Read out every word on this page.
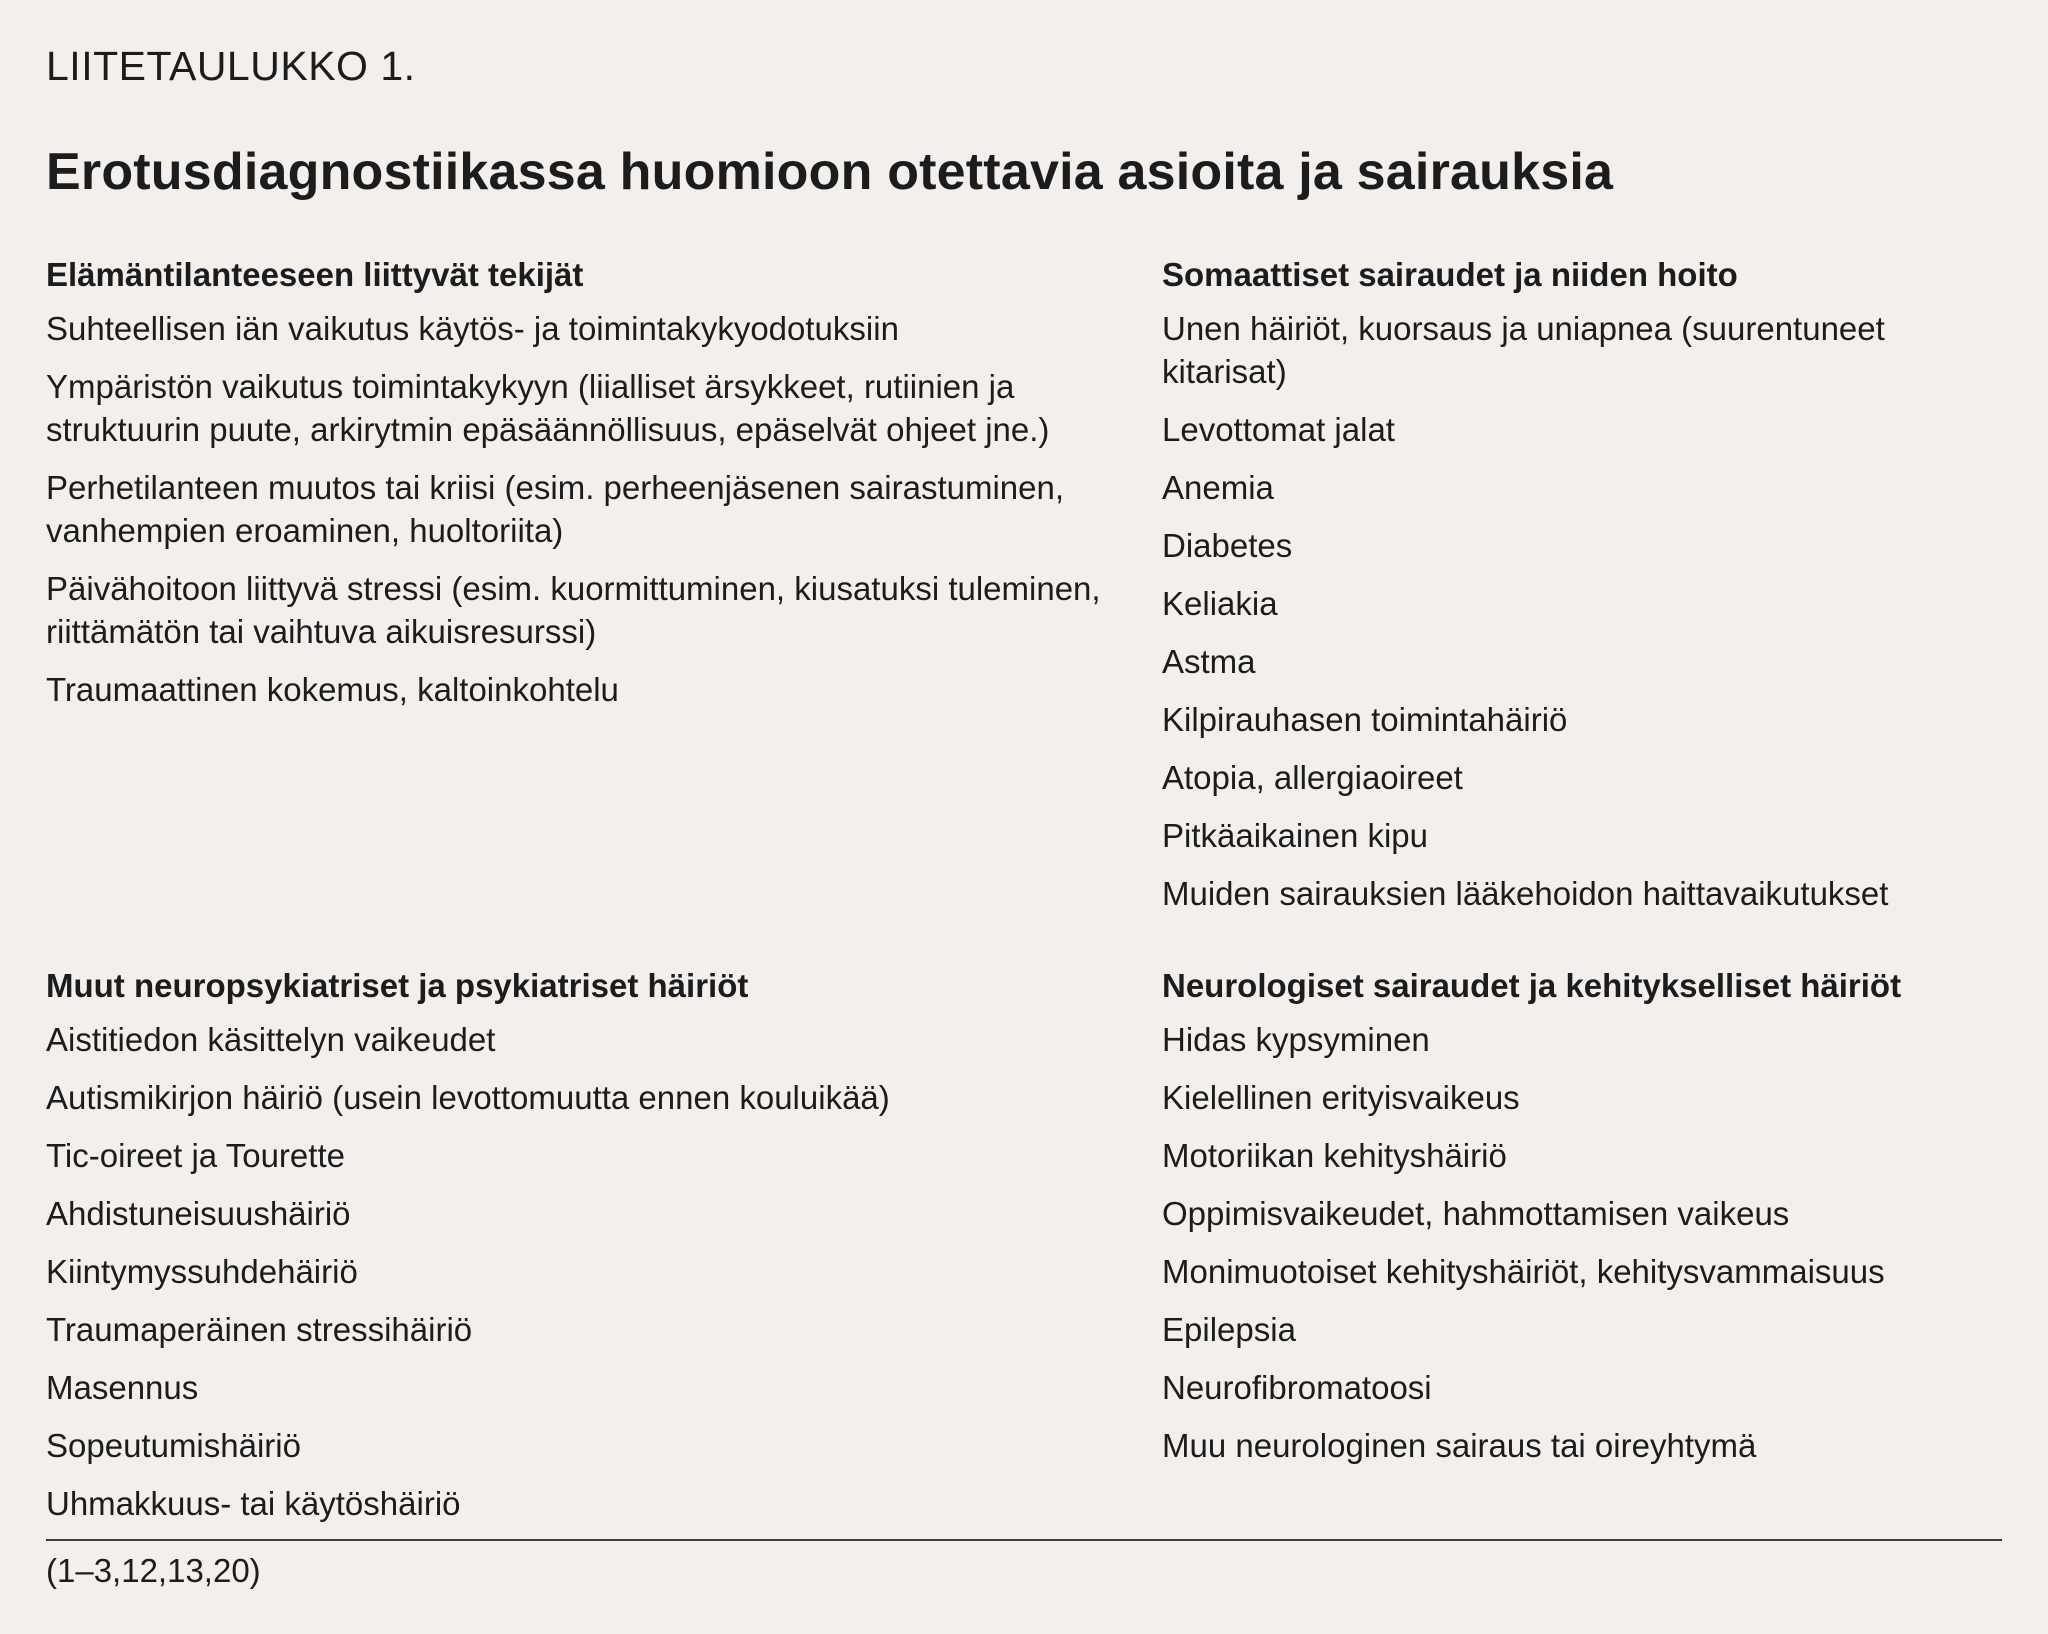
LIITETAULUKKO 1.
Erotusdiagnostiikassa huomioon otettavia asioita ja sairauksia
Elämäntilanteeseen liittyvät tekijät
Suhteellisen iän vaikutus käytös- ja toimintakykyodotuksiin
Ympäristön vaikutus toimintakykyyn (liialliset ärsykkeet, rutiinien ja struktuurin puute, arkirytmin epäsäännöllisuus, epäselvät ohjeet jne.)
Perhetilanteen muutos tai kriisi (esim. perheenjäsenen sairastuminen, vanhempien eroaminen, huoltoriita)
Päivähoitoon liittyvä stressi (esim. kuormittuminen, kiusatuksi tuleminen, riittämätön tai vaihtuva aikuisresurssi)
Traumaattinen kokemus, kaltoinkohtelu
Somaattiset sairaudet ja niiden hoito
Unen häiriöt, kuorsaus ja uniapnea (suurentuneet kitarisat)
Levottomat jalat
Anemia
Diabetes
Keliakia
Astma
Kilpirauhasen toimintahäiriö
Atopia, allergiaoireet
Pitkäaikainen kipu
Muiden sairauksien lääkehoidon haittavaikutukset
Muut neuropsykiatriset ja psykiatriset häiriöt
Aistitiedon käsittelyn vaikeudet
Autismikirjon häiriö (usein levottomuutta ennen kouluikää)
Tic-oireet ja Tourette
Ahdistuneisuushäiriö
Kiintymyssuhdehäiriö
Traumaperäinen stressihäiriö
Masennus
Sopeutumishäiriö
Uhmakkuus- tai käytöshäiriö
Neurologiset sairaudet ja kehitykselliset häiriöt
Hidas kypsyminen
Kielellinen erityisvaikeus
Motoriikan kehityshäiriö
Oppimisvaikeudet, hahmottamisen vaikeus
Monimuotoiset kehityshäiriöt, kehitysvammaisuus
Epilepsia
Neurofibromatoosi
Muu neurologinen sairaus tai oireyhtymä

(1–3,12,13,20)
